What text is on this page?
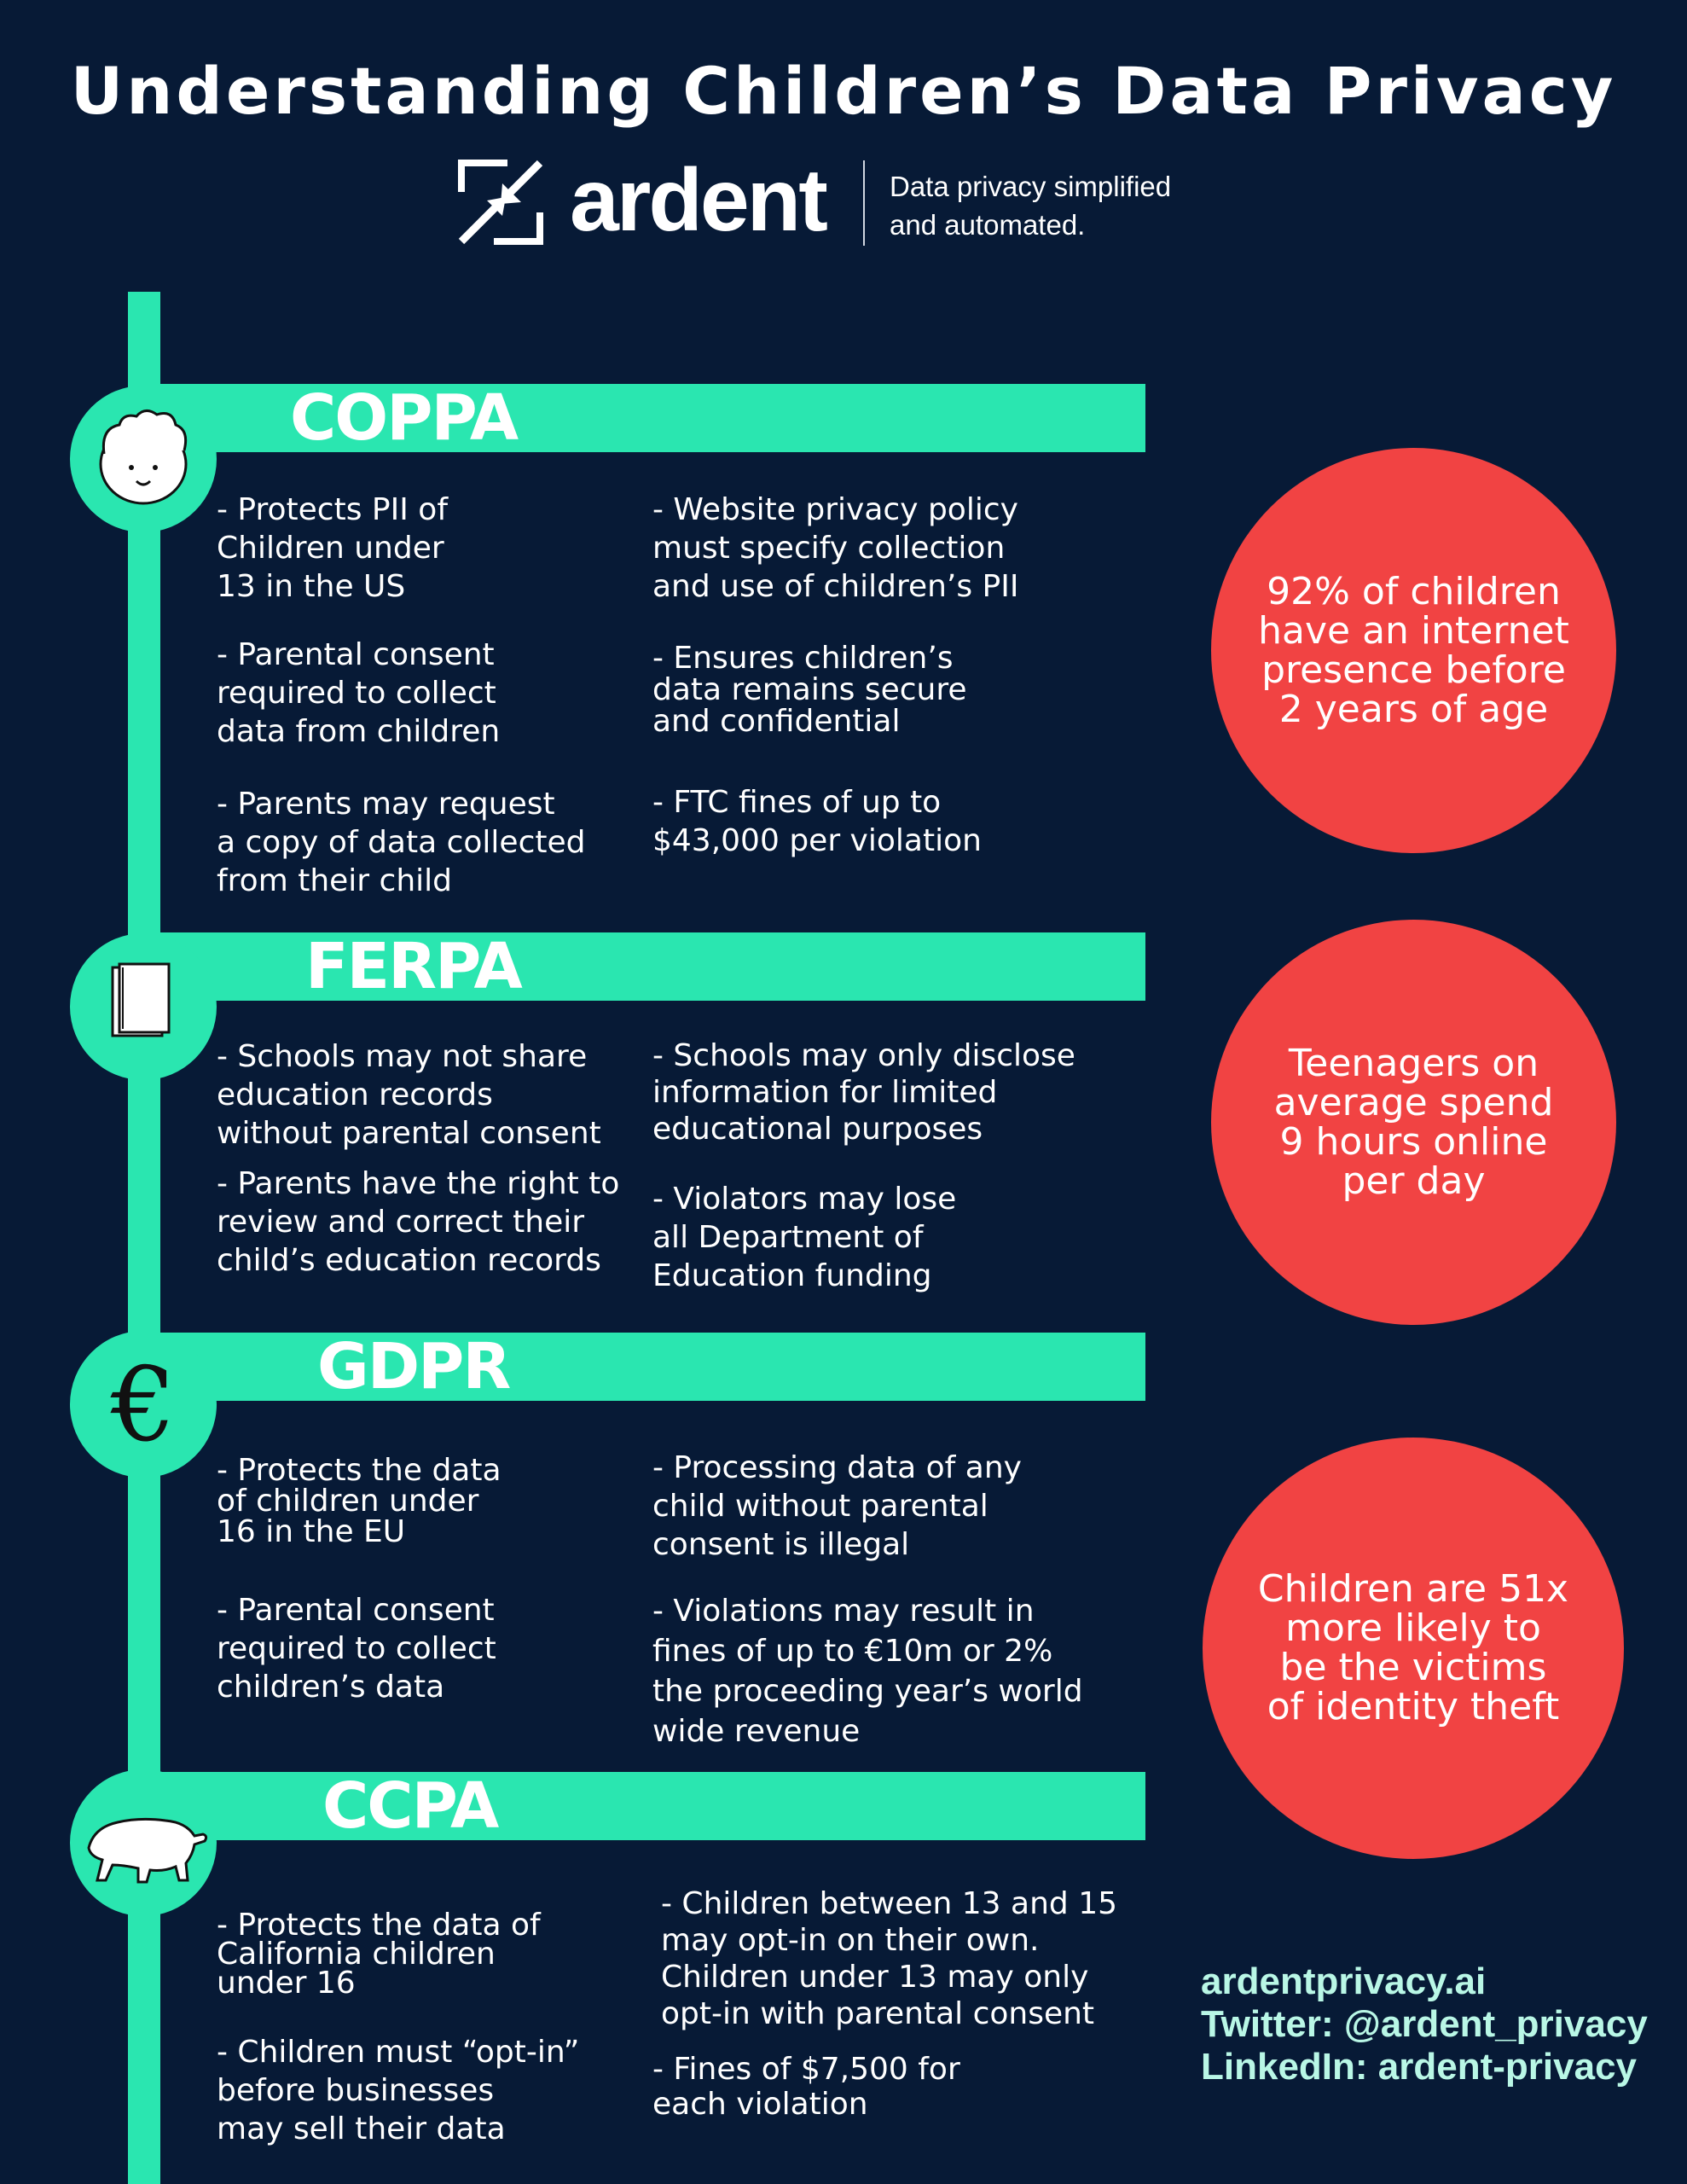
Understanding Children’s Data Privacy
ardent Data privacy simplified
and automated.
COPPA
- Protects PII of
Children under
13 in the US
- Parental consent
required to collect
data from children
- Parents may request
a copy of data collected
from their child
- Website privacy policy
must specify collection
and use of children’s PII
- Ensures children’s
data remains secure
and confidential
- FTC fines of up to
$43,000 per violation
FERPA
- Schools may not share
education records
without parental consent
- Parents have the right to
review and correct their
child’s education records
- Schools may only disclose
information for limited
educational purposes
- Violators may lose
all Department of
Education funding
GDPR
€
- Protects the data
of children under
16 in the EU
- Parental consent
required to collect
children’s data
- Processing data of any
child without parental
consent is illegal
- Violations may result in
fines of up to €10m or 2%
the proceeding year’s world
wide revenue
CCPA
- Protects the data of
California children
under 16
- Children must “opt-in”
before businesses
may sell their data
- Children between 13 and 15
may opt-in on their own.
Children under 13 may only
opt-in with parental consent
- Fines of $7,500 for
each violation
92% of children
have an internet
presence before
2 years of age
Teenagers on
average spend
9 hours online
per day
Children are 51x
more likely to
be the victims
of identity theft
ardentprivacy.ai
Twitter: @ardent_privacy
LinkedIn: ardent-privacy
